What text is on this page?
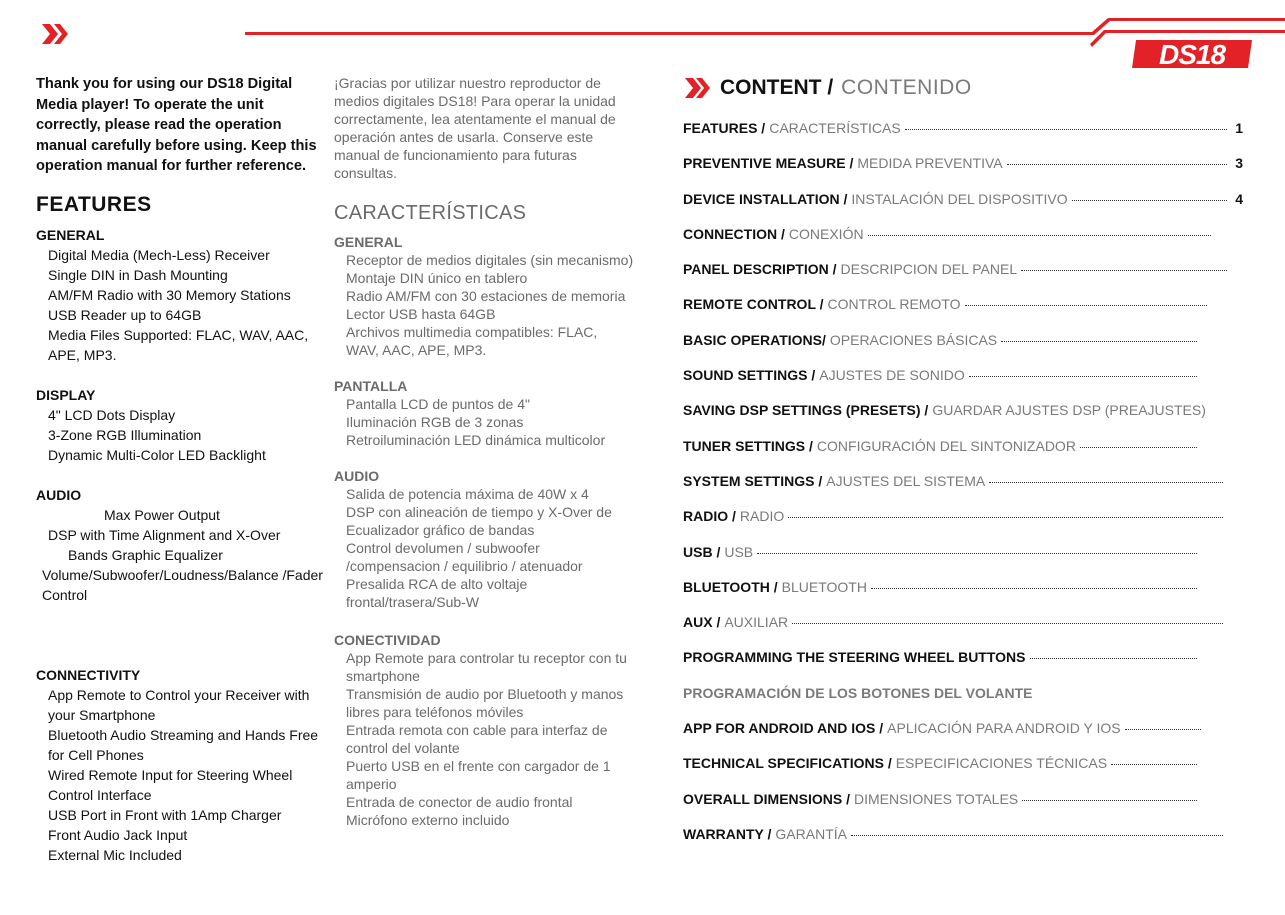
DS18

Thank you for using our DS18 Digital Media player! To operate the unit correctly, please read the operation manual carefully before using. Keep this operation manual for further reference.

FEATURES
GENERAL
Digital Media (Mech-Less) Receiver
Single DIN in Dash Mounting
AM/FM Radio with 30 Memory Stations
USB Reader up to 64GB
Media Files Supported: FLAC, WAV, AAC, APE, MP3.
DISPLAY
4" LCD Dots Display
3-Zone RGB Illumination
Dynamic Multi-Color LED Backlight
AUDIO
Max Power Output
DSP with Time Alignment and X-Over
Bands Graphic Equalizer
Volume/Subwoofer/Loudness/Balance /Fader Control
CONNECTIVITY
App Remote to Control your Receiver with your Smartphone
Bluetooth Audio Streaming and Hands Free for Cell Phones
Wired Remote Input for Steering Wheel Control Interface
USB Port in Front with 1Amp Charger
Front Audio Jack Input
External Mic Included

¡Gracias por utilizar nuestro reproductor de medios digitales DS18! Para operar la unidad correctamente, lea atentamente el manual de operación antes de usarla. Conserve este manual de funcionamiento para futuras consultas.

CARACTERÍSTICAS
GENERAL
Receptor de medios digitales (sin mecanismo)
Montaje DIN único en tablero
Radio AM/FM con 30 estaciones de memoria
Lector USB hasta 64GB
Archivos multimedia compatibles: FLAC, WAV, AAC, APE, MP3.
PANTALLA
Pantalla LCD de puntos de 4"
Iluminación RGB de 3 zonas
Retroiluminación LED dinámica multicolor
AUDIO
Salida de potencia máxima de 40W x 4
DSP con alineación de tiempo y X-Over de
Ecualizador gráfico de bandas
Control devolumen / subwoofer /compensacion / equilibrio / atenuador
Presalida RCA de alto voltaje frontal/trasera/Sub-W
CONECTIVIDAD
App Remote para controlar tu receptor con tu smartphone
Transmisión de audio por Bluetooth y manos libres para teléfonos móviles
Entrada remota con cable para interfaz de control del volante
Puerto USB en el frente con cargador de 1 amperio
Entrada de conector de audio frontal
Micrófono externo incluido
CONTENT / CONTENIDO
FEATURES / CARACTERÍSTICAS	1
PREVENTIVE MEASURE / MEDIDA PREVENTIVA	3
DEVICE INSTALLATION / INSTALACIÓN DEL DISPOSITIVO	4
CONNECTION / CONEXIÓN
PANEL DESCRIPTION / DESCRIPCION DEL PANEL
REMOTE CONTROL / CONTROL REMOTO
BASIC OPERATIONS/ OPERACIONES BÁSICAS
SOUND SETTINGS / AJUSTES DE SONIDO
SAVING DSP SETTINGS (PRESETS) / GUARDAR AJUSTES DSP (PREAJUSTES)
TUNER SETTINGS / CONFIGURACIÓN DEL SINTONIZADOR
SYSTEM SETTINGS / AJUSTES DEL SISTEMA
RADIO / RADIO
USB / USB
BLUETOOTH / BLUETOOTH
AUX / AUXILIAR
PROGRAMMING THE STEERING WHEEL BUTTONS
PROGRAMACIÓN DE LOS BOTONES DEL VOLANTE
APP FOR ANDROID AND IOS / APLICACIÓN PARA ANDROID Y IOS
TECHNICAL SPECIFICATIONS / ESPECIFICACIONES TÉCNICAS
OVERALL DIMENSIONS / DIMENSIONES TOTALES
WARRANTY / GARANTÍA
